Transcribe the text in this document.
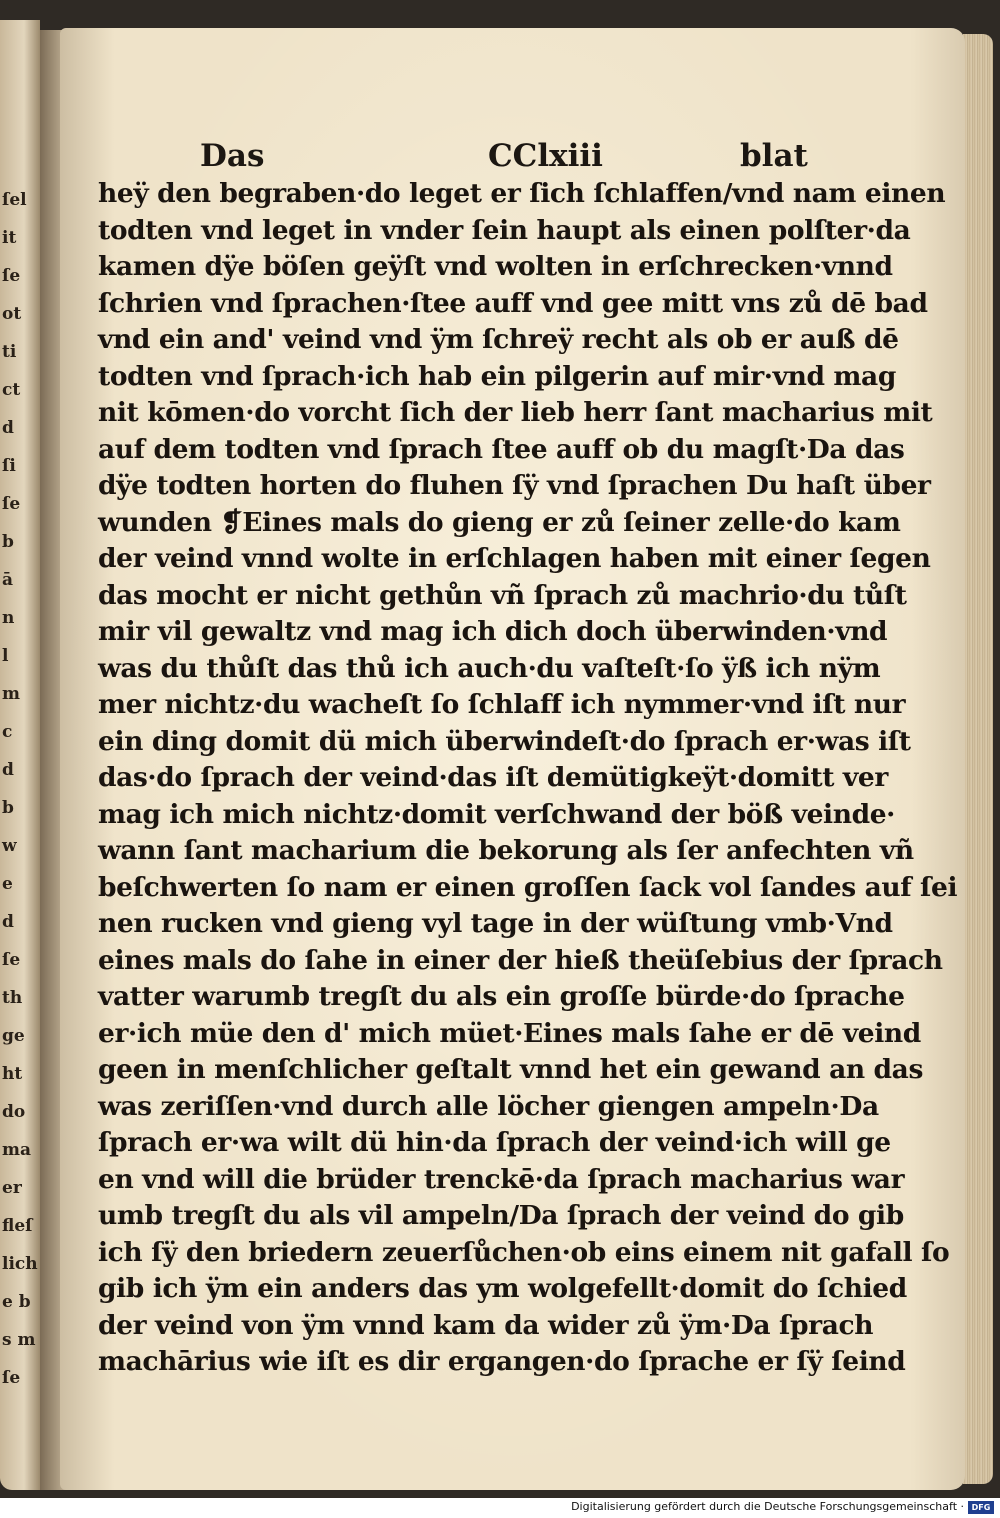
ſel
it
ſe
ot
ti
ct
d
ſi
ſe
b
ā
n
l
m
c
d
b
w
e
d
ſe
th
ge
ht
do
ma
er
fleſ
lich
e b
s m
ſe
Das	CClxiii	blat
heÿ den begraben·do leget er ſich ſchlaffen/vnd nam einen
todten vnd leget in vnder ſein haupt als einen polſter·da
kamen dÿe böſen geÿſt vnd wolten in erſchrecken·vnnd
ſchrien vnd ſprachen·ſtee auff vnd gee mitt vns zů dē bad
vnd ein and' veind vnd ÿm ſchreÿ recht als ob er auß dē
todten vnd ſprach·ich hab ein pilgerin auf mir·vnd mag
nit kōmen·do vorcht ſich der lieb herr ſant macharius mit
auf dem todten vnd ſprach ſtee auff ob du magſt·Da das
dÿe todten horten do fluhen ſÿ vnd ſprachen Du haſt über
wunden ❡Eines mals do gieng er zů ſeiner zelle·do kam
der veind vnnd wolte in erſchlagen haben mit einer ſegen
das mocht er nicht gethůn vñ ſprach zů machrio·du tůſt
mir vil gewaltz vnd mag ich dich doch überwinden·vnd
was du thůſt das thů ich auch·du vaſteſt·ſo ÿß ich nÿm
mer nichtz·du wacheſt ſo ſchlaff ich nymmer·vnd iſt nur
ein ding domit dü mich überwindeſt·do ſprach er·was iſt
das·do ſprach der veind·das iſt demütigkeÿt·domitt ver
mag ich mich nichtz·domit verſchwand der böß veinde·
wann ſant macharium die bekorung als ſer anfechten vñ
beſchwerten ſo nam er einen groſſen ſack vol ſandes auf ſei
nen rucken vnd gieng vyl tage in der wüſtung vmb·Vnd
eines mals do ſahe in einer der hieß theüſebius der ſprach
vatter warumb tregſt du als ein groſſe bürde·do ſprache
er·ich müe den d' mich müet·Eines mals ſahe er dē veind
geen in menſchlicher geſtalt vnnd het ein gewand an das
was zeriſſen·vnd durch alle löcher giengen ampeln·Da
ſprach er·wa wilt dü hin·da ſprach der veind·ich will ge
en vnd will die brüder trenckē·da ſprach macharius war
umb tregſt du als vil ampeln/Da ſprach der veind do gib
ich ſÿ den briedern zeuerſůchen·ob eins einem nit gafall ſo
gib ich ÿm ein anders das ym wolgefellt·domit do ſchied
der veind von ÿm vnnd kam da wider zů ÿm·Da ſprach
machārius wie iſt es dir ergangen·do ſprache er ſÿ ſeind
Digitalisierung gefördert durch die Deutsche Forschungsgemeinschaft · DFG
